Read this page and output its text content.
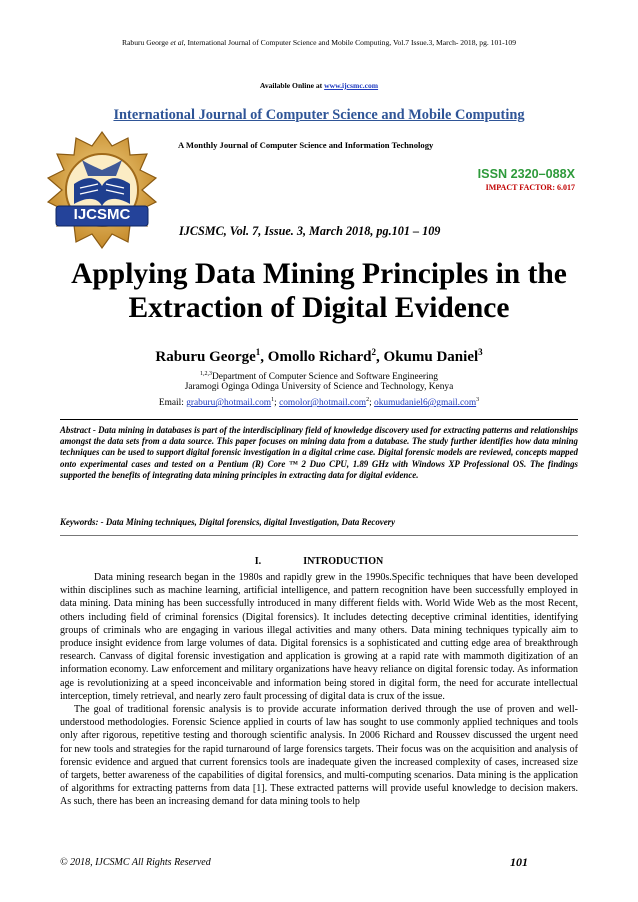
Raburu George et al, International Journal of Computer Science and Mobile Computing, Vol.7 Issue.3, March- 2018, pg. 101-109
Available Online at www.ijcsmc.com
International Journal of Computer Science and Mobile Computing
IJCSMC
A Monthly Journal of Computer Science and Information Technology
ISSN 2320–088X
IMPACT FACTOR: 6.017
IJCSMC, Vol. 7, Issue. 3, March 2018, pg.101 – 109
Applying Data Mining Principles in the
Extraction of Digital Evidence
Raburu George$^1$, Omollo Richard$^2$, Okumu Daniel$^3$
$^{1,2,3}$Department of Computer Science and Software Engineering
Jaramogi Oginga Odinga University of Science and Technology, Kenya
Email: graburu@hotmail.com$^1$; comolor@hotmail.com$^2$; okumudaniel6@gmail.com$^3$
Abstract - Data mining in databases is part of the interdisciplinary field of knowledge discovery used for extracting patterns and relationships amongst the data sets from a data source. This paper focuses on mining data from a database. The study further identifies how data mining techniques can be used to support digital forensic investigation in a digital crime case. Digital forensic models are reviewed, concepts mapped onto experimental cases and tested on a Pentium (R) Core ™ 2 Duo CPU, 1.89 GHz with Windows XP Professional OS. The findings supported the benefits of integrating data mining principles in extracting data for digital evidence.
Keywords: - Data Mining techniques, Digital forensics, digital Investigation, Data Recovery
I.	INTRODUCTION

Data mining research began in the 1980s and rapidly grew in the 1990s.Specific techniques that have been developed within disciplines such as machine learning, artificial intelligence, and pattern recognition have been successfully employed in data mining. Data mining has been successfully introduced in many different fields with. World Wide Web as the most Recent, others including field of criminal forensics (Digital forensics). It includes detecting deceptive criminal identities, identifying groups of criminals who are engaging in various illegal activities and many others. Data mining techniques typically aim to produce insight evidence from large volumes of data. Digital forensics is a sophisticated and cutting edge area of breakthrough research. Canvass of digital forensic investigation and application is growing at a rapid rate with mammoth digitization of an information economy. Law enforcement and military organizations have heavy reliance on digital forensic today. As information age is revolutionizing at a speed inconceivable and information being stored in digital form, the need for accurate intellectual interception, timely retrieval, and nearly zero fault processing of digital data is crux of the issue.

The goal of traditional forensic analysis is to provide accurate information derived through the use of proven and well-understood methodologies. Forensic Science applied in courts of law has sought to use commonly applied techniques and tools only after rigorous, repetitive testing and thorough scientific analysis. In 2006 Richard and Roussev discussed the urgent need for new tools and strategies for the rapid turnaround of large forensics targets. Their focus was on the acquisition and analysis of forensic evidence and argued that current forensics tools are inadequate given the increased complexity of cases, increased size of targets, better awareness of the capabilities of digital forensics, and multi-computing scenarios. Data mining is the application of algorithms for extracting patterns from data [1]. These extracted patterns will provide useful knowledge to decision makers. As such, there has been an increasing demand for data mining tools to help

© 2018, IJCSMC All Rights Reserved	101
